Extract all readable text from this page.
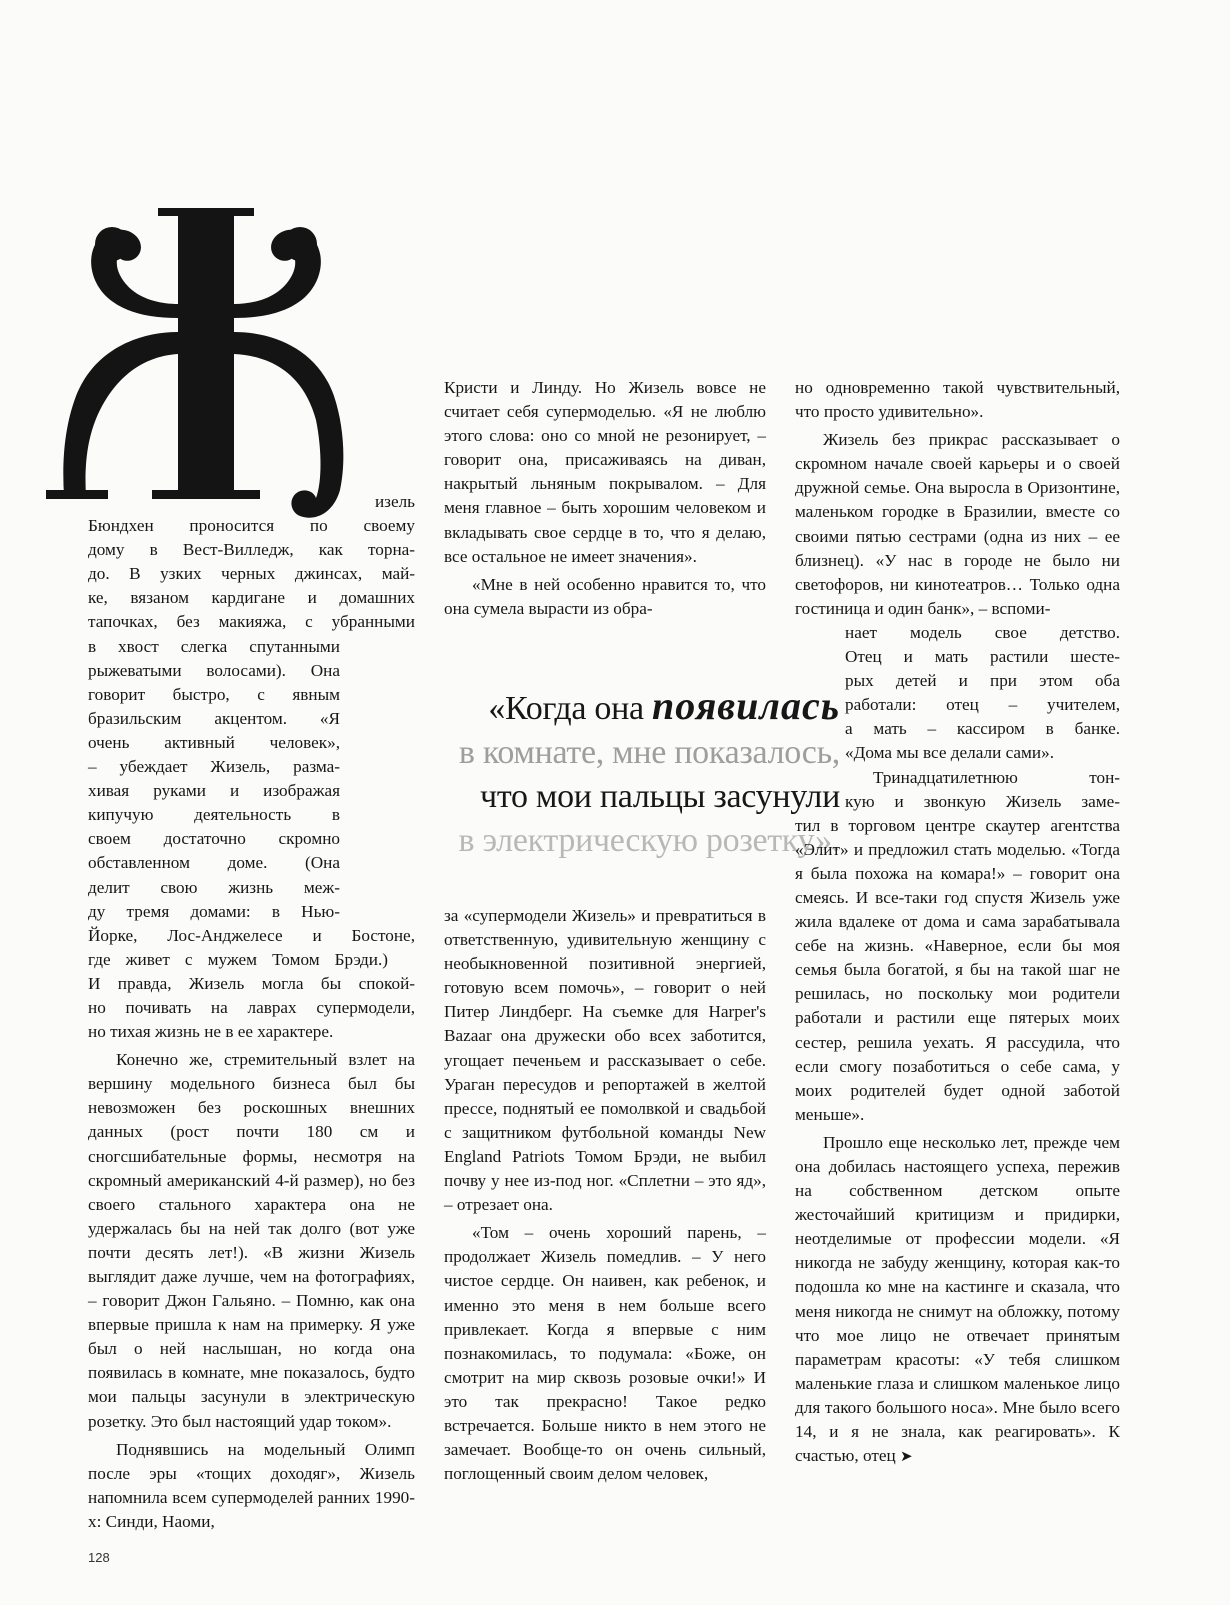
изель
Бюндхен проносится по своему
дому в Вест-Виллeдж, как торна-
до. В узких черных джинсах, май-
ке, вязаном кардигане и домашних
тапочках, без макияжа, с убранными
в хвост слегка спутанными
рыжеватыми волосами). Она
говорит быстро, с явным
бразильским акцентом. «Я
очень активный человек»,
– убеждает Жизель, разма-
хивая руками и изображая
кипучую деятельность в
своем достаточно скромно
обставленном доме. (Она
делит свою жизнь меж-
ду тремя домами: в Нью-
Йорке, Лос-Анджелесе и Бостоне,
где живет с мужем Томом Брэди.)
И правда, Жизель могла бы спокой-
но почивать на лаврах супермодели,
но тихая жизнь не в ее характере.

Конечно же, стремительный взлет на вершину модельного бизнеса был бы невозможен без роскошных внешних данных (рост почти 180 см и сногсшибательные формы, несмотря на скромный американский 4-й размер), но без своего стального характера она не удержалась бы на ней так долго (вот уже почти десять лет!). «В жизни Жизель выглядит даже лучше, чем на фотографиях, – говорит Джон Гальяно. – Помню, как она впервые пришла к нам на примерку. Я уже был о ней наслышан, но когда она появилась в комнате, мне показалось, будто мои пальцы засунули в электрическую розетку. Это был настоящий удар током».

Поднявшись на модельный Олимп после эры «тощих доходяг», Жизель напомнила всем супермоделей ранних 1990-х: Синди, Наоми,

Кристи и Линду. Но Жизель вовсе не считает себя супермоделью. «Я не люблю этого слова: оно со мной не резонирует, – говорит она, присаживаясь на диван, накрытый льняным покрывалом. – Для меня главное – быть хорошим человеком и вкладывать свое сердце в то, что я делаю, все остальное не имеет значения».

«Мне в ней особенно нравится то, что она сумела вырасти из обра-

«Когда она появилась
в комнате, мне показалось,
что мои пальцы засунули
в электрическую розетку».

за «супермодели Жизель» и превратиться в ответственную, удивительную женщину с необыкновенной позитивной энергией, готовую всем помочь», – говорит о ней Питер Линдберг. На съемке для Harper's Bazaar она дружески обо всех заботится, угощает печеньем и рассказывает о себе. Ураган пересудов и репортажей в желтой прессе, поднятый ее помолвкой и свадьбой с защитником футбольной команды New England Patriots Томом Брэди, не выбил почву у нее из-под ног. «Сплетни – это яд», – отрезает она.

«Том – очень хороший парень, – продолжает Жизель помедлив. – У него чистое сердце. Он наивен, как ребенок, и именно это меня в нем больше всего привлекает. Когда я впервые с ним познакомилась, то подумала: «Боже, он смотрит на мир сквозь розовые очки!» И это так прекрасно! Такое редко встречается. Больше никто в нем этого не замечает. Вообще-то он очень сильный, поглощенный своим делом человек,

но одновременно такой чувствительный, что просто удивительно».

Жизель без прикрас рассказывает о скромном начале своей карьеры и о своей дружной семье. Она выросла в Оризонтине, маленьком городке в Бразилии, вместе со своими пятью сестрами (одна из них – ее близнец). «У нас в городе не было ни светофоров, ни кинотеатров… Только одна гостиница и один банк», – вспоми-

нает модель свое детство.
Отец и мать растили шесте-
рых детей и при этом оба
работали: отец – учителем,
а мать – кассиром в банке.
«Дома мы все делали сами».
Тринадцатилетнюю тон-
кую и звонкую Жизель заме-

тил в торговом центре скаутер агентства «Элит» и предложил стать моделью. «Тогда я была похожа на комара!» – говорит она смеясь. И все-таки год спустя Жизель уже жила вдалеке от дома и сама зарабатывала себе на жизнь. «Наверное, если бы моя семья была богатой, я бы на такой шаг не решилась, но поскольку мои родители работали и растили еще пятерых моих сестер, решила уехать. Я рассудила, что если смогу позаботиться о себе сама, у моих родителей будет одной заботой меньше».

Прошло еще несколько лет, прежде чем она добилась настоящего успеха, пережив на собственном детском опыте жесточайший критицизм и придирки, неотделимые от профессии модели. «Я никогда не забуду женщину, которая как-то подошла ко мне на кастинге и сказала, что меня никогда не снимут на обложку, потому что мое лицо не отвечает принятым параметрам красоты: «У тебя слишком маленькие глаза и слишком маленькое лицо для такого большого носа». Мне было всего 14, и я не знала, как реагировать». К счастью, отец ➤

128
